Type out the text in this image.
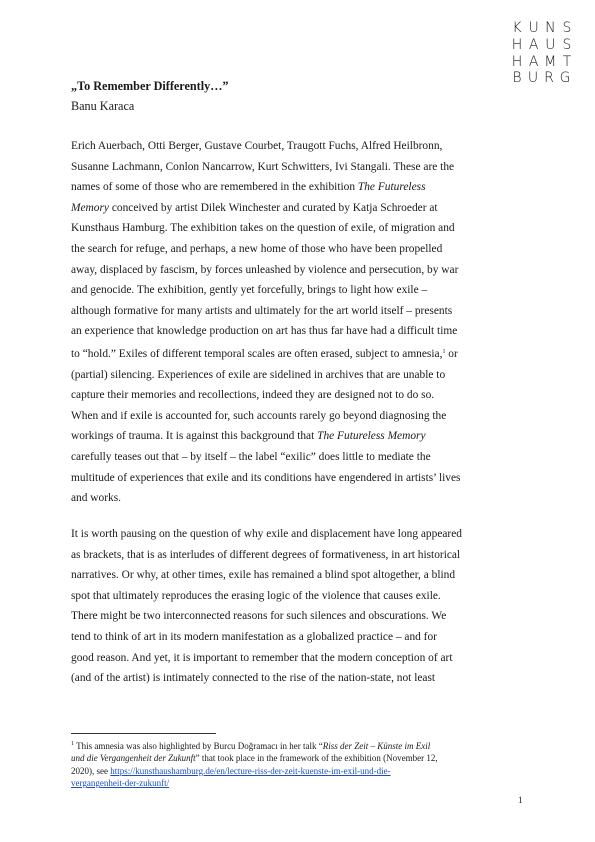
K U N S
H A U S
H A M T
B U R G

„To Remember Differently…”

Banu Karaca

Erich Auerbach, Otti Berger, Gustave Courbet, Traugott Fuchs, Alfred Heilbronn,
Susanne Lachmann, Conlon Nancarrow, Kurt Schwitters, Ivi Stangali. These are the
names of some of those who are remembered in the exhibition The Futureless
Memory conceived by artist Dilek Winchester and curated by Katja Schroeder at
Kunsthaus Hamburg. The exhibition takes on the question of exile, of migration and
the search for refuge, and perhaps, a new home of those who have been propelled
away, displaced by fascism, by forces unleashed by violence and persecution, by war
and genocide. The exhibition, gently yet forcefully, brings to light how exile –
although formative for many artists and ultimately for the art world itself – presents
an experience that knowledge production on art has thus far have had a difficult time
to “hold.” Exiles of different temporal scales are often erased, subject to amnesia,$^1$ or
(partial) silencing. Experiences of exile are sidelined in archives that are unable to
capture their memories and recollections, indeed they are designed not to do so.
When and if exile is accounted for, such accounts rarely go beyond diagnosing the
workings of trauma. It is against this background that The Futureless Memory
carefully teases out that – by itself – the label “exilic” does little to mediate the
multitude of experiences that exile and its conditions have engendered in artists’ lives
and works.
It is worth pausing on the question of why exile and displacement have long appeared
as brackets, that is as interludes of different degrees of formativeness, in art historical
narratives. Or why, at other times, exile has remained a blind spot altogether, a blind
spot that ultimately reproduces the erasing logic of the violence that causes exile.
There might be two interconnected reasons for such silences and obscurations. We
tend to think of art in its modern manifestation as a globalized practice – and for
good reason. And yet, it is important to remember that the modern conception of art
(and of the artist) is intimately connected to the rise of the nation-state, not least
$^1$ This amnesia was also highlighted by Burcu Doğramacı in her talk “Riss der Zeit – Künste im Exil
und die Vergangenheit der Zukunft” that took place in the framework of the exhibition (November 12,
2020), see https://kunsthaushamburg.de/en/lecture-riss-der-zeit-kuenste-im-exil-und-die-
vergangenheit-der-zukunft/
1
